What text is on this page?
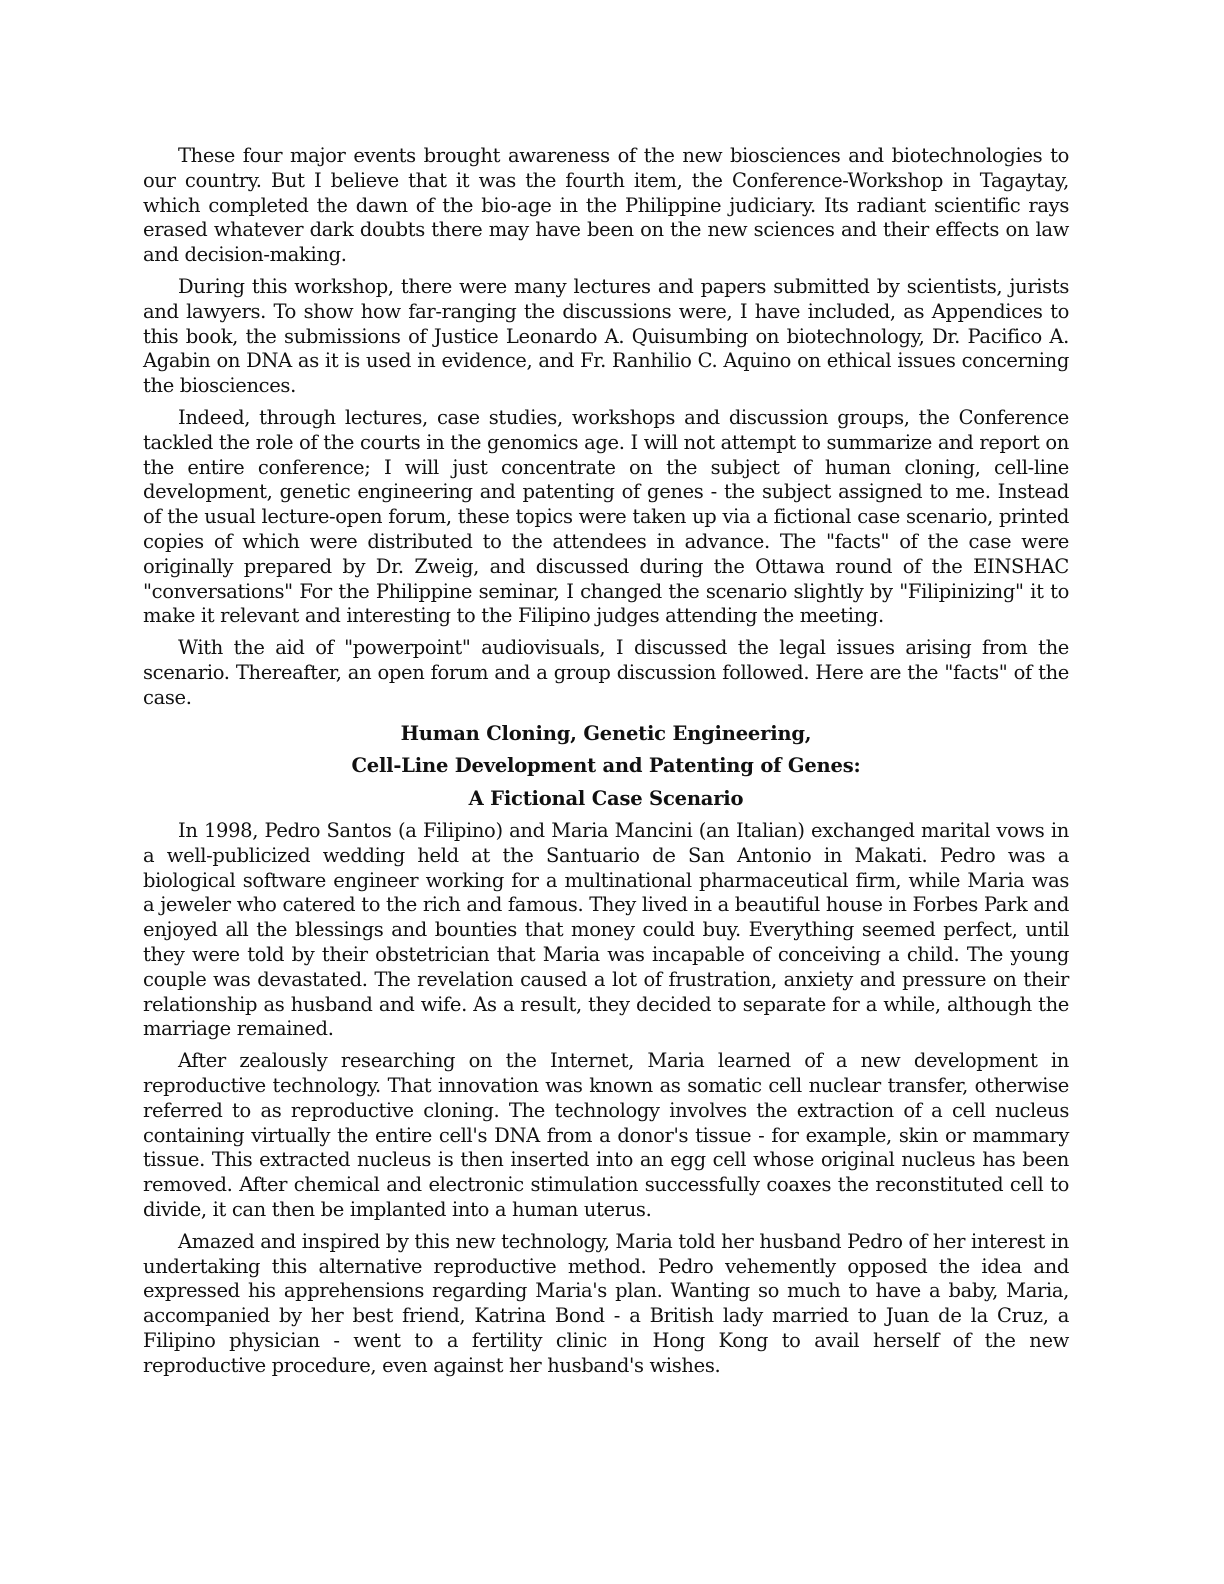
These four major events brought awareness of the new biosciences and biotechnologies to our country. But I believe that it was the fourth item, the Conference-Workshop in Tagaytay, which completed the dawn of the bio-age in the Philippine judiciary. Its radiant scientific rays erased whatever dark doubts there may have been on the new sciences and their effects on law and decision-making.

During this workshop, there were many lectures and papers submitted by scientists, jurists and lawyers. To show how far-ranging the discussions were, I have included, as Appendices to this book, the submissions of Justice Leonardo A. Quisumbing on biotechnology, Dr. Pacifico A. Agabin on DNA as it is used in evidence, and Fr. Ranhilio C. Aquino on ethical issues concerning the biosciences.

Indeed, through lectures, case studies, workshops and discussion groups, the Conference tackled the role of the courts in the genomics age. I will not attempt to summarize and report on the entire conference; I will just concentrate on the subject of human cloning, cell-line development, genetic engineering and patenting of genes - the subject assigned to me. Instead of the usual lecture-open forum, these topics were taken up via a fictional case scenario, printed copies of which were distributed to the attendees in advance. The "facts" of the case were originally prepared by Dr. Zweig, and discussed during the Ottawa round of the EINSHAC "conversations" For the Philippine seminar, I changed the scenario slightly by "Filipinizing" it to make it relevant and interesting to the Filipino judges attending the meeting.

With the aid of "powerpoint" audiovisuals, I discussed the legal issues arising from the scenario. Thereafter, an open forum and a group discussion followed. Here are the "facts" of the case.

Human Cloning, Genetic Engineering,

Cell-Line Development and Patenting of Genes:

A Fictional Case Scenario

In 1998, Pedro Santos (a Filipino) and Maria Mancini (an Italian) exchanged marital vows in a well-publicized wedding held at the Santuario de San Antonio in Makati. Pedro was a biological software engineer working for a multinational pharmaceutical firm, while Maria was a jeweler who catered to the rich and famous. They lived in a beautiful house in Forbes Park and enjoyed all the blessings and bounties that money could buy. Everything seemed perfect, until they were told by their obstetrician that Maria was incapable of conceiving a child. The young couple was devastated. The revelation caused a lot of frustration, anxiety and pressure on their relationship as husband and wife. As a result, they decided to separate for a while, although the marriage remained.

After zealously researching on the Internet, Maria learned of a new development in reproductive technology. That innovation was known as somatic cell nuclear transfer, otherwise referred to as reproductive cloning. The technology involves the extraction of a cell nucleus containing virtually the entire cell's DNA from a donor's tissue - for example, skin or mammary tissue. This extracted nucleus is then inserted into an egg cell whose original nucleus has been removed. After chemical and electronic stimulation successfully coaxes the reconstituted cell to divide, it can then be implanted into a human uterus.

Amazed and inspired by this new technology, Maria told her husband Pedro of her interest in undertaking this alternative reproductive method. Pedro vehemently opposed the idea and expressed his apprehensions regarding Maria's plan. Wanting so much to have a baby, Maria, accompanied by her best friend, Katrina Bond - a British lady married to Juan de la Cruz, a Filipino physician - went to a fertility clinic in Hong Kong to avail herself of the new reproductive procedure, even against her husband's wishes.
